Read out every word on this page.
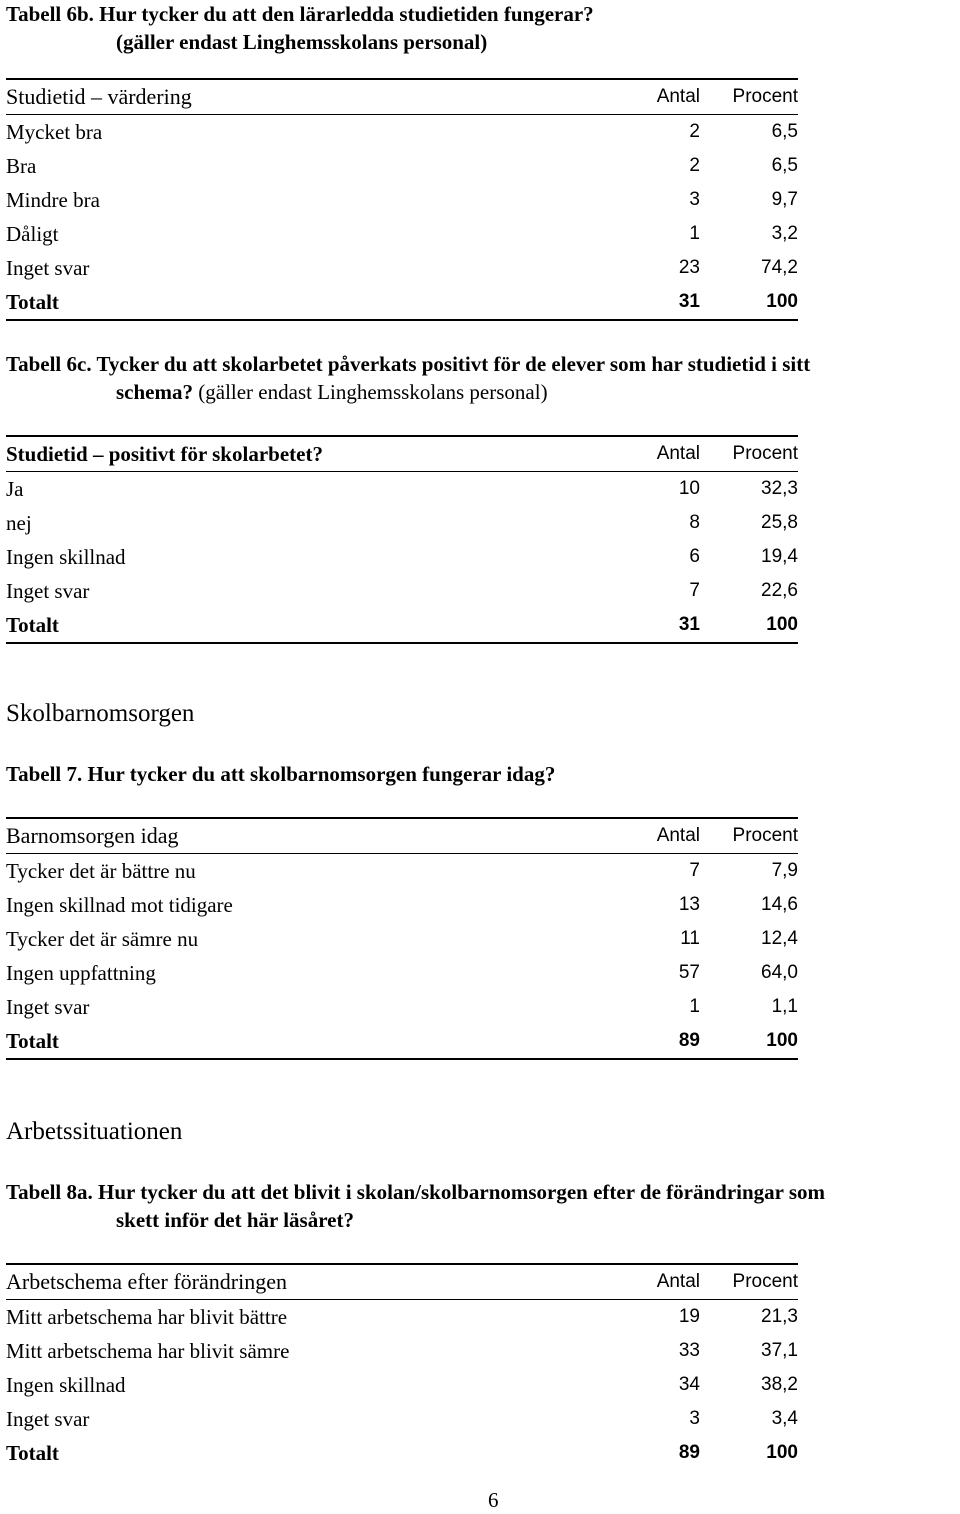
Tabell 6b. Hur tycker du att den lärarledda studietiden fungerar?
(gäller endast Linghemsskolans personal)
Studietid – värdering	Antal	Procent
Mycket bra	2	6,5
Bra	2	6,5
Mindre bra	3	9,7
Dåligt	1	3,2
Inget svar	23	74,2
Totalt	31	100
Tabell 6c. Tycker du att skolarbetet påverkats positivt för de elever som har studietid i sitt
schema? (gäller endast Linghemsskolans personal)
Studietid – positivt för skolarbetet?	Antal	Procent
Ja	10	32,3
nej	8	25,8
Ingen skillnad	6	19,4
Inget svar	7	22,6
Totalt	31	100
Skolbarnomsorgen
Tabell 7. Hur tycker du att skolbarnomsorgen fungerar idag?
Barnomsorgen idag	Antal	Procent
Tycker det är bättre nu	7	7,9
Ingen skillnad mot tidigare	13	14,6
Tycker det är sämre nu	11	12,4
Ingen uppfattning	57	64,0
Inget svar	1	1,1
Totalt	89	100
Arbetssituationen
Tabell 8a. Hur tycker du att det blivit i skolan/skolbarnomsorgen efter de förändringar som
skett inför det här läsåret?
Arbetschema efter förändringen	Antal	Procent
Mitt arbetschema har blivit bättre	19	21,3
Mitt arbetschema har blivit sämre	33	37,1
Ingen skillnad	34	38,2
Inget svar	3	3,4
Totalt	89	100
6
